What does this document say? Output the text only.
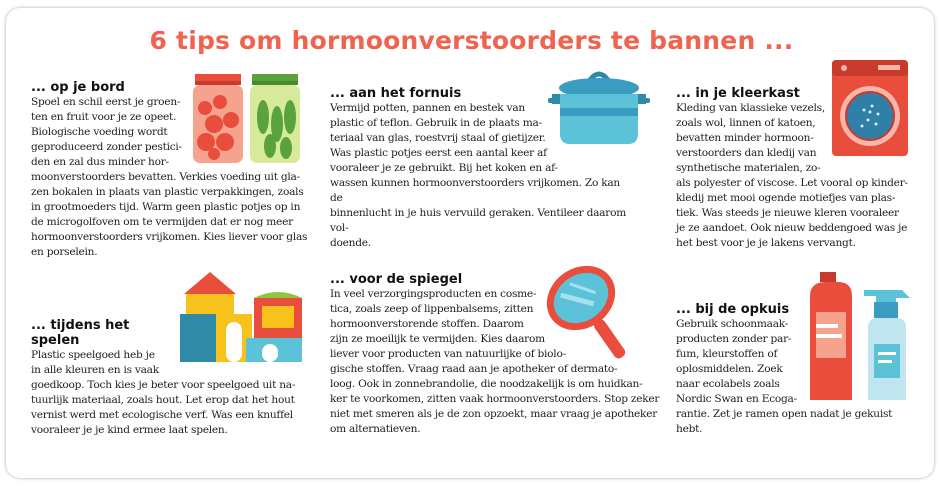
6 tips om hormoonverstoorders te bannen ...
... op je bord

Spoel en schil eerst je groen-
ten en fruit voor je ze opeet.
Biologische voeding wordt
geproduceerd zonder pestici-
den en zal dus minder hor-
moonverstoorders bevatten. Verkies voeding uit gla-
zen bokalen in plaats van plastic verpakkingen, zoals
in grootmoeders tijd. Warm geen plastic potjes op in
de microgolfoven om te vermijden dat er nog meer
hormoonverstoorders vrijkomen. Kies liever voor glas
en porselein.

... aan het fornuis

Vermijd potten, pannen en bestek van
plastic of teflon. Gebruik in de plaats ma-
teriaal van glas, roestvrij staal of gietijzer.
Was plastic potjes eerst een aantal keer af
vooraleer je ze gebruikt. Bij het koken en af-
wassen kunnen hormoonverstoorders vrijkomen. Zo kan de
binnenlucht in je huis vervuild geraken. Ventileer daarom vol-
doende.

... in je kleerkast

Kleding van klassieke vezels,
zoals wol, linnen of katoen,
bevatten minder hormoon-
verstoorders dan kledij van
synthetische materialen, zo-
als polyester of viscose. Let vooral op kinder-
kledij met mooi ogende motiefjes van plas-
tiek. Was steeds je nieuwe kleren vooraleer
je ze aandoet. Ook nieuw beddengoed was je
het best voor je je lakens vervangt.

... tijdens het
spelen

Plastic speelgoed heb je
in alle kleuren en is vaak
goedkoop. Toch kies je beter voor speelgoed uit na-
tuurlijk materiaal, zoals hout. Let erop dat het hout
vernist werd met ecologische verf. Was een knuffel
vooraleer je je kind ermee laat spelen.

... voor de spiegel

In veel verzorgingsproducten en cosme-
tica, zoals zeep of lippenbalsems, zitten
hormoonverstorende stoffen. Daarom
zijn ze moeilijk te vermijden. Kies daarom
liever voor producten van natuurlijke of biolo-
gische stoffen. Vraag raad aan je apotheker of dermato-
loog. Ook in zonnebrandolie, die noodzakelijk is om huidkan-
ker te voorkomen, zitten vaak hormoonverstoorders. Stop zeker
niet met smeren als je de zon opzoekt, maar vraag je apotheker
om alternatieven.

... bij de opkuis

Gebruik schoonmaak-
producten zonder par-
fum, kleurstoffen of
oplosmiddelen. Zoek
naar ecolabels zoals
Nordic Swan en Ecoga-
rantie. Zet je ramen open nadat je gekuist
hebt.
